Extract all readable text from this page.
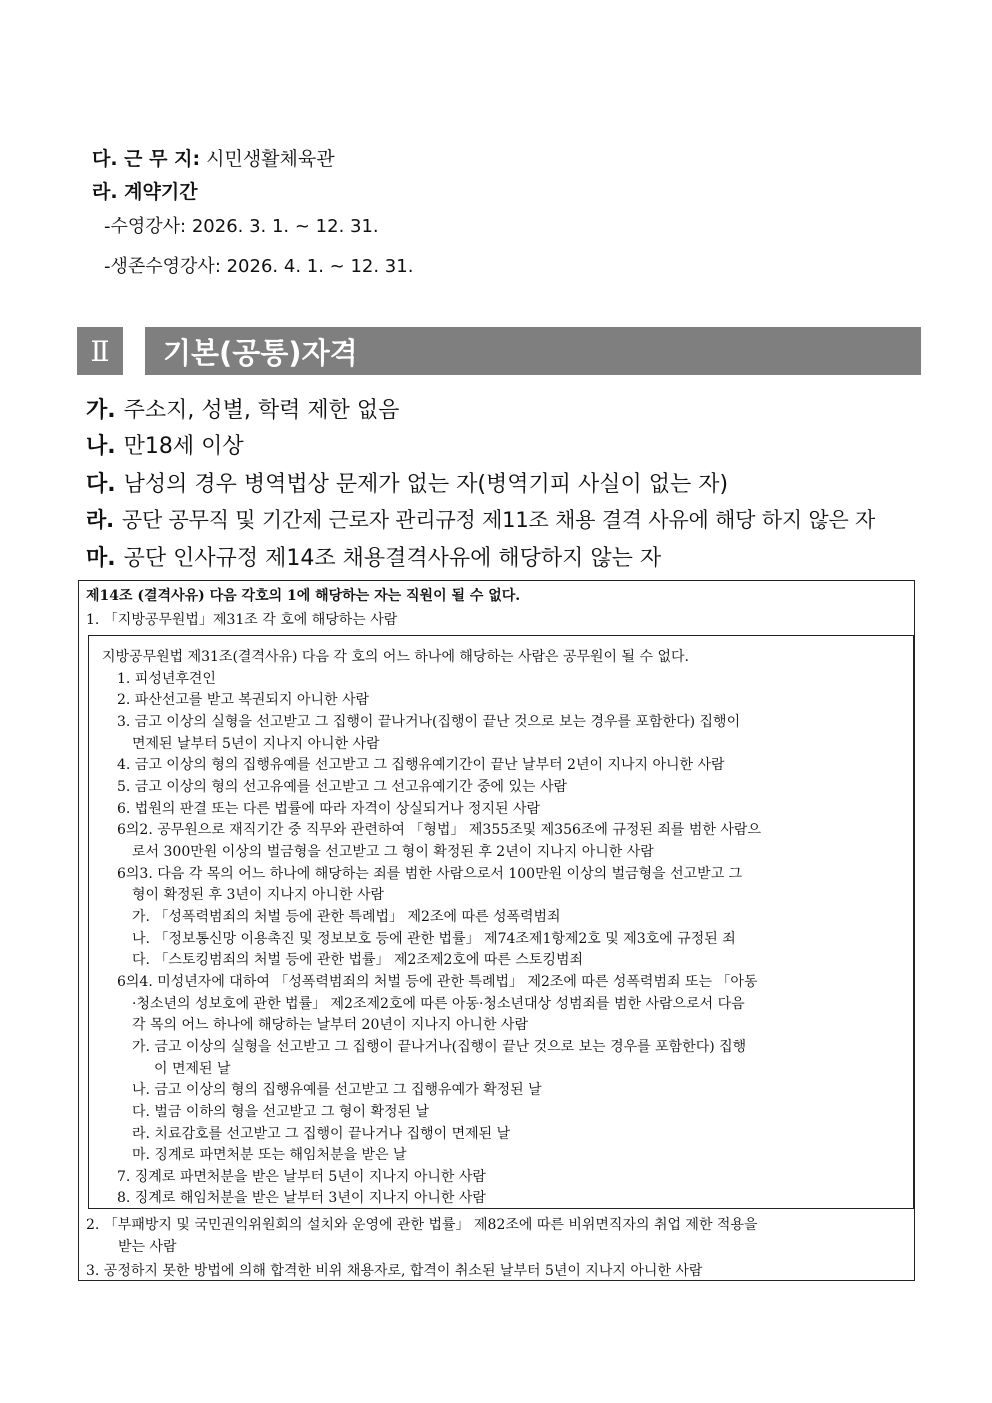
다. 근 무 지: 시민생활체육관
라. 계약기간
-수영강사: 2026. 3. 1. ~ 12. 31.
-생존수영강사: 2026. 4. 1. ~ 12. 31.
Ⅱ	기본(공통)자격
가. 주소지, 성별, 학력 제한 없음
나. 만18세 이상
다. 남성의 경우 병역법상 문제가 없는 자(병역기피 사실이 없는 자)
라. 공단 공무직 및 기간제 근로자 관리규정 제11조 채용 결격 사유에 해당 하지 않은 자
마. 공단 인사규정 제14조 채용결격사유에 해당하지 않는 자
제14조 (결격사유) 다음 각호의 1에 해당하는 자는 직원이 될 수 없다.
1. 「지방공무원법」제31조 각 호에 해당하는 사람
지방공무원법 제31조(결격사유) 다음 각 호의 어느 하나에 해당하는 사람은 공무원이 될 수 없다.
1. 피성년후견인
2. 파산선고를 받고 복권되지 아니한 사람
3. 금고 이상의 실형을 선고받고 그 집행이 끝나거나(집행이 끝난 것으로 보는 경우를 포함한다) 집행이
면제된 날부터 5년이 지나지 아니한 사람
4. 금고 이상의 형의 집행유예를 선고받고 그 집행유예기간이 끝난 날부터 2년이 지나지 아니한 사람
5. 금고 이상의 형의 선고유예를 선고받고 그 선고유예기간 중에 있는 사람
6. 법원의 판결 또는 다른 법률에 따라 자격이 상실되거나 정지된 사람
6의2. 공무원으로 재직기간 중 직무와 관련하여 「형법」 제355조및 제356조에 규정된 죄를 범한 사람으
로서 300만원 이상의 벌금형을 선고받고 그 형이 확정된 후 2년이 지나지 아니한 사람
6의3. 다음 각 목의 어느 하나에 해당하는 죄를 범한 사람으로서 100만원 이상의 벌금형을 선고받고 그
형이 확정된 후 3년이 지나지 아니한 사람
가. 「성폭력범죄의 처벌 등에 관한 특례법」 제2조에 따른 성폭력범죄
나. 「정보통신망 이용촉진 및 정보보호 등에 관한 법률」 제74조제1항제2호 및 제3호에 규정된 죄
다. 「스토킹범죄의 처벌 등에 관한 법률」 제2조제2호에 따른 스토킹범죄
6의4. 미성년자에 대하여 「성폭력범죄의 처벌 등에 관한 특례법」 제2조에 따른 성폭력범죄 또는 「아동
·청소년의 성보호에 관한 법률」 제2조제2호에 따른 아동·청소년대상 성범죄를 범한 사람으로서 다음
각 목의 어느 하나에 해당하는 날부터 20년이 지나지 아니한 사람
가. 금고 이상의 실형을 선고받고 그 집행이 끝나거나(집행이 끝난 것으로 보는 경우를 포함한다) 집행
이 면제된 날
나. 금고 이상의 형의 집행유예를 선고받고 그 집행유예가 확정된 날
다. 벌금 이하의 형을 선고받고 그 형이 확정된 날
라. 치료감호를 선고받고 그 집행이 끝나거나 집행이 면제된 날
마. 징계로 파면처분 또는 해임처분을 받은 날
7. 징계로 파면처분을 받은 날부터 5년이 지나지 아니한 사람
8. 징계로 해임처분을 받은 날부터 3년이 지나지 아니한 사람
2. 「부패방지 및 국민권익위원회의 설치와 운영에 관한 법률」 제82조에 따른 비위면직자의 취업 제한 적용을
받는 사람
3. 공정하지 못한 방법에 의해 합격한 비위 채용자로, 합격이 취소된 날부터 5년이 지나지 아니한 사람
